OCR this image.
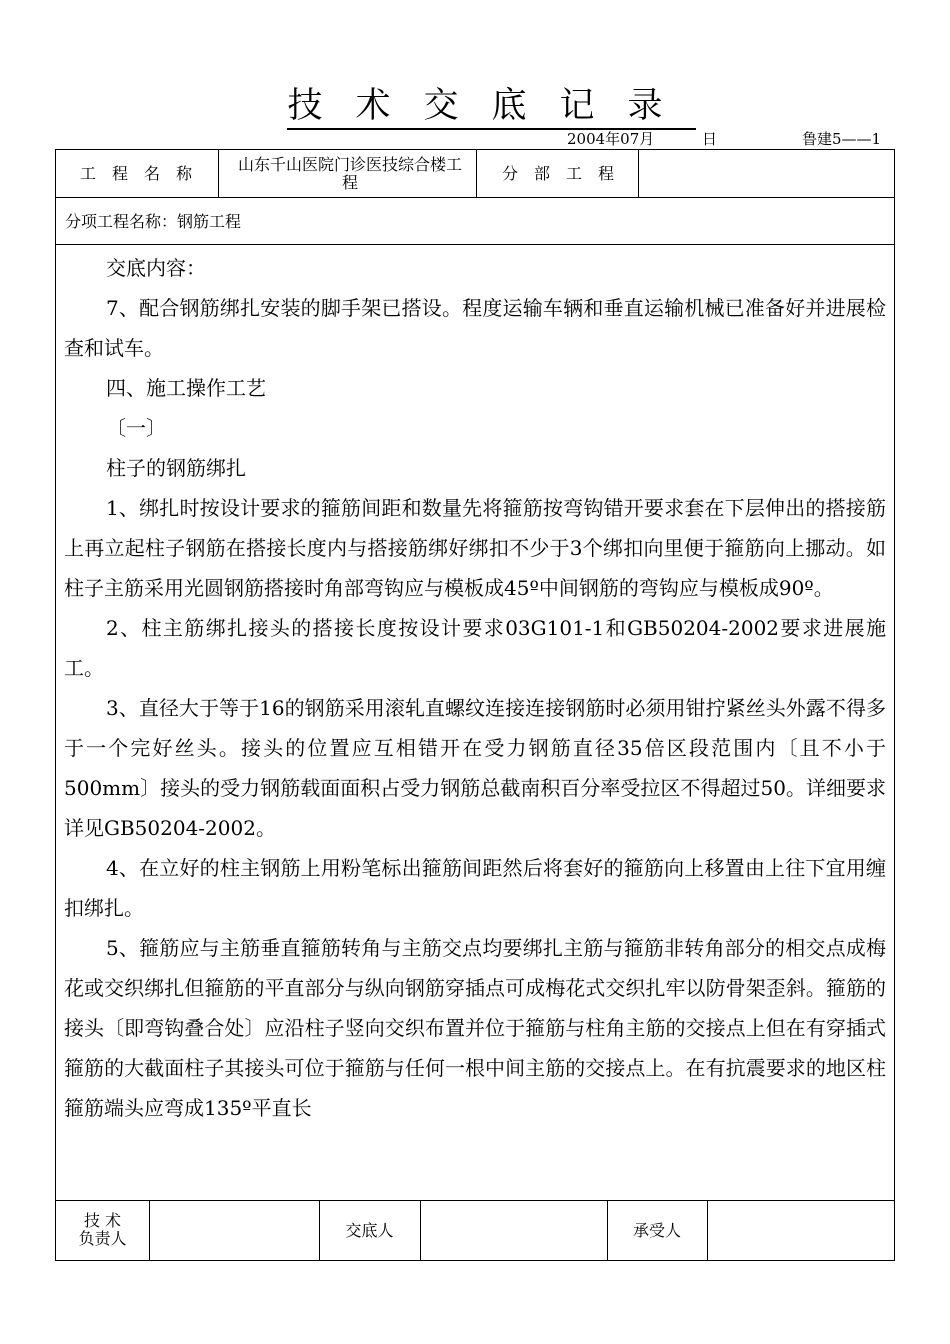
技术交底记录
2004年07月	日	鲁建5——1
工程名称	山东千山医院门诊医技综合楼工程	分部工程
分项工程名称：钢筋工程

交底内容：

7、配合钢筋绑扎安装的脚手架已搭设。程度运输车辆和垂直运输机械已准备好并进展检查和试车。

四、施工操作工艺

〔一〕

柱子的钢筋绑扎

1、绑扎时按设计要求的箍筋间距和数量先将箍筋按弯钩错开要求套在下层伸出的搭接筋上再立起柱子钢筋在搭接长度内与搭接筋绑好绑扣不少于3个绑扣向里便于箍筋向上挪动。如柱子主筋采用光圆钢筋搭接时角部弯钩应与模板成45º中间钢筋的弯钩应与模板成90º。

2、柱主筋绑扎接头的搭接长度按设计要求03G101-1和GB50204-2002要求进展施工。

3、直径大于等于16的钢筋采用滚轧直螺纹连接连接钢筋时必须用钳拧紧丝头外露不得多于一个完好丝头。接头的位置应互相错开在受力钢筋直径35倍区段范围内〔且不小于500mm〕接头的受力钢筋载面面积占受力钢筋总截南积百分率受拉区不得超过50。详细要求详见GB50204-2002。

4、在立好的柱主钢筋上用粉笔标出箍筋间距然后将套好的箍筋向上移置由上往下宜用缠扣绑扎。

5、箍筋应与主筋垂直箍筋转角与主筋交点均要绑扎主筋与箍筋非转角部分的相交点成梅花或交织绑扎但箍筋的平直部分与纵向钢筋穿插点可成梅花式交织扎牢以防骨架歪斜。箍筋的接头〔即弯钩叠合处〕应沿柱子竖向交织布置并位于箍筋与柱角主筋的交接点上但在有穿插式箍筋的大截面柱子其接头可位于箍筋与任何一根中间主筋的交接点上。在有抗震要求的地区柱箍筋端头应弯成135º平直长

技 术
负责人	交底人	承受人
